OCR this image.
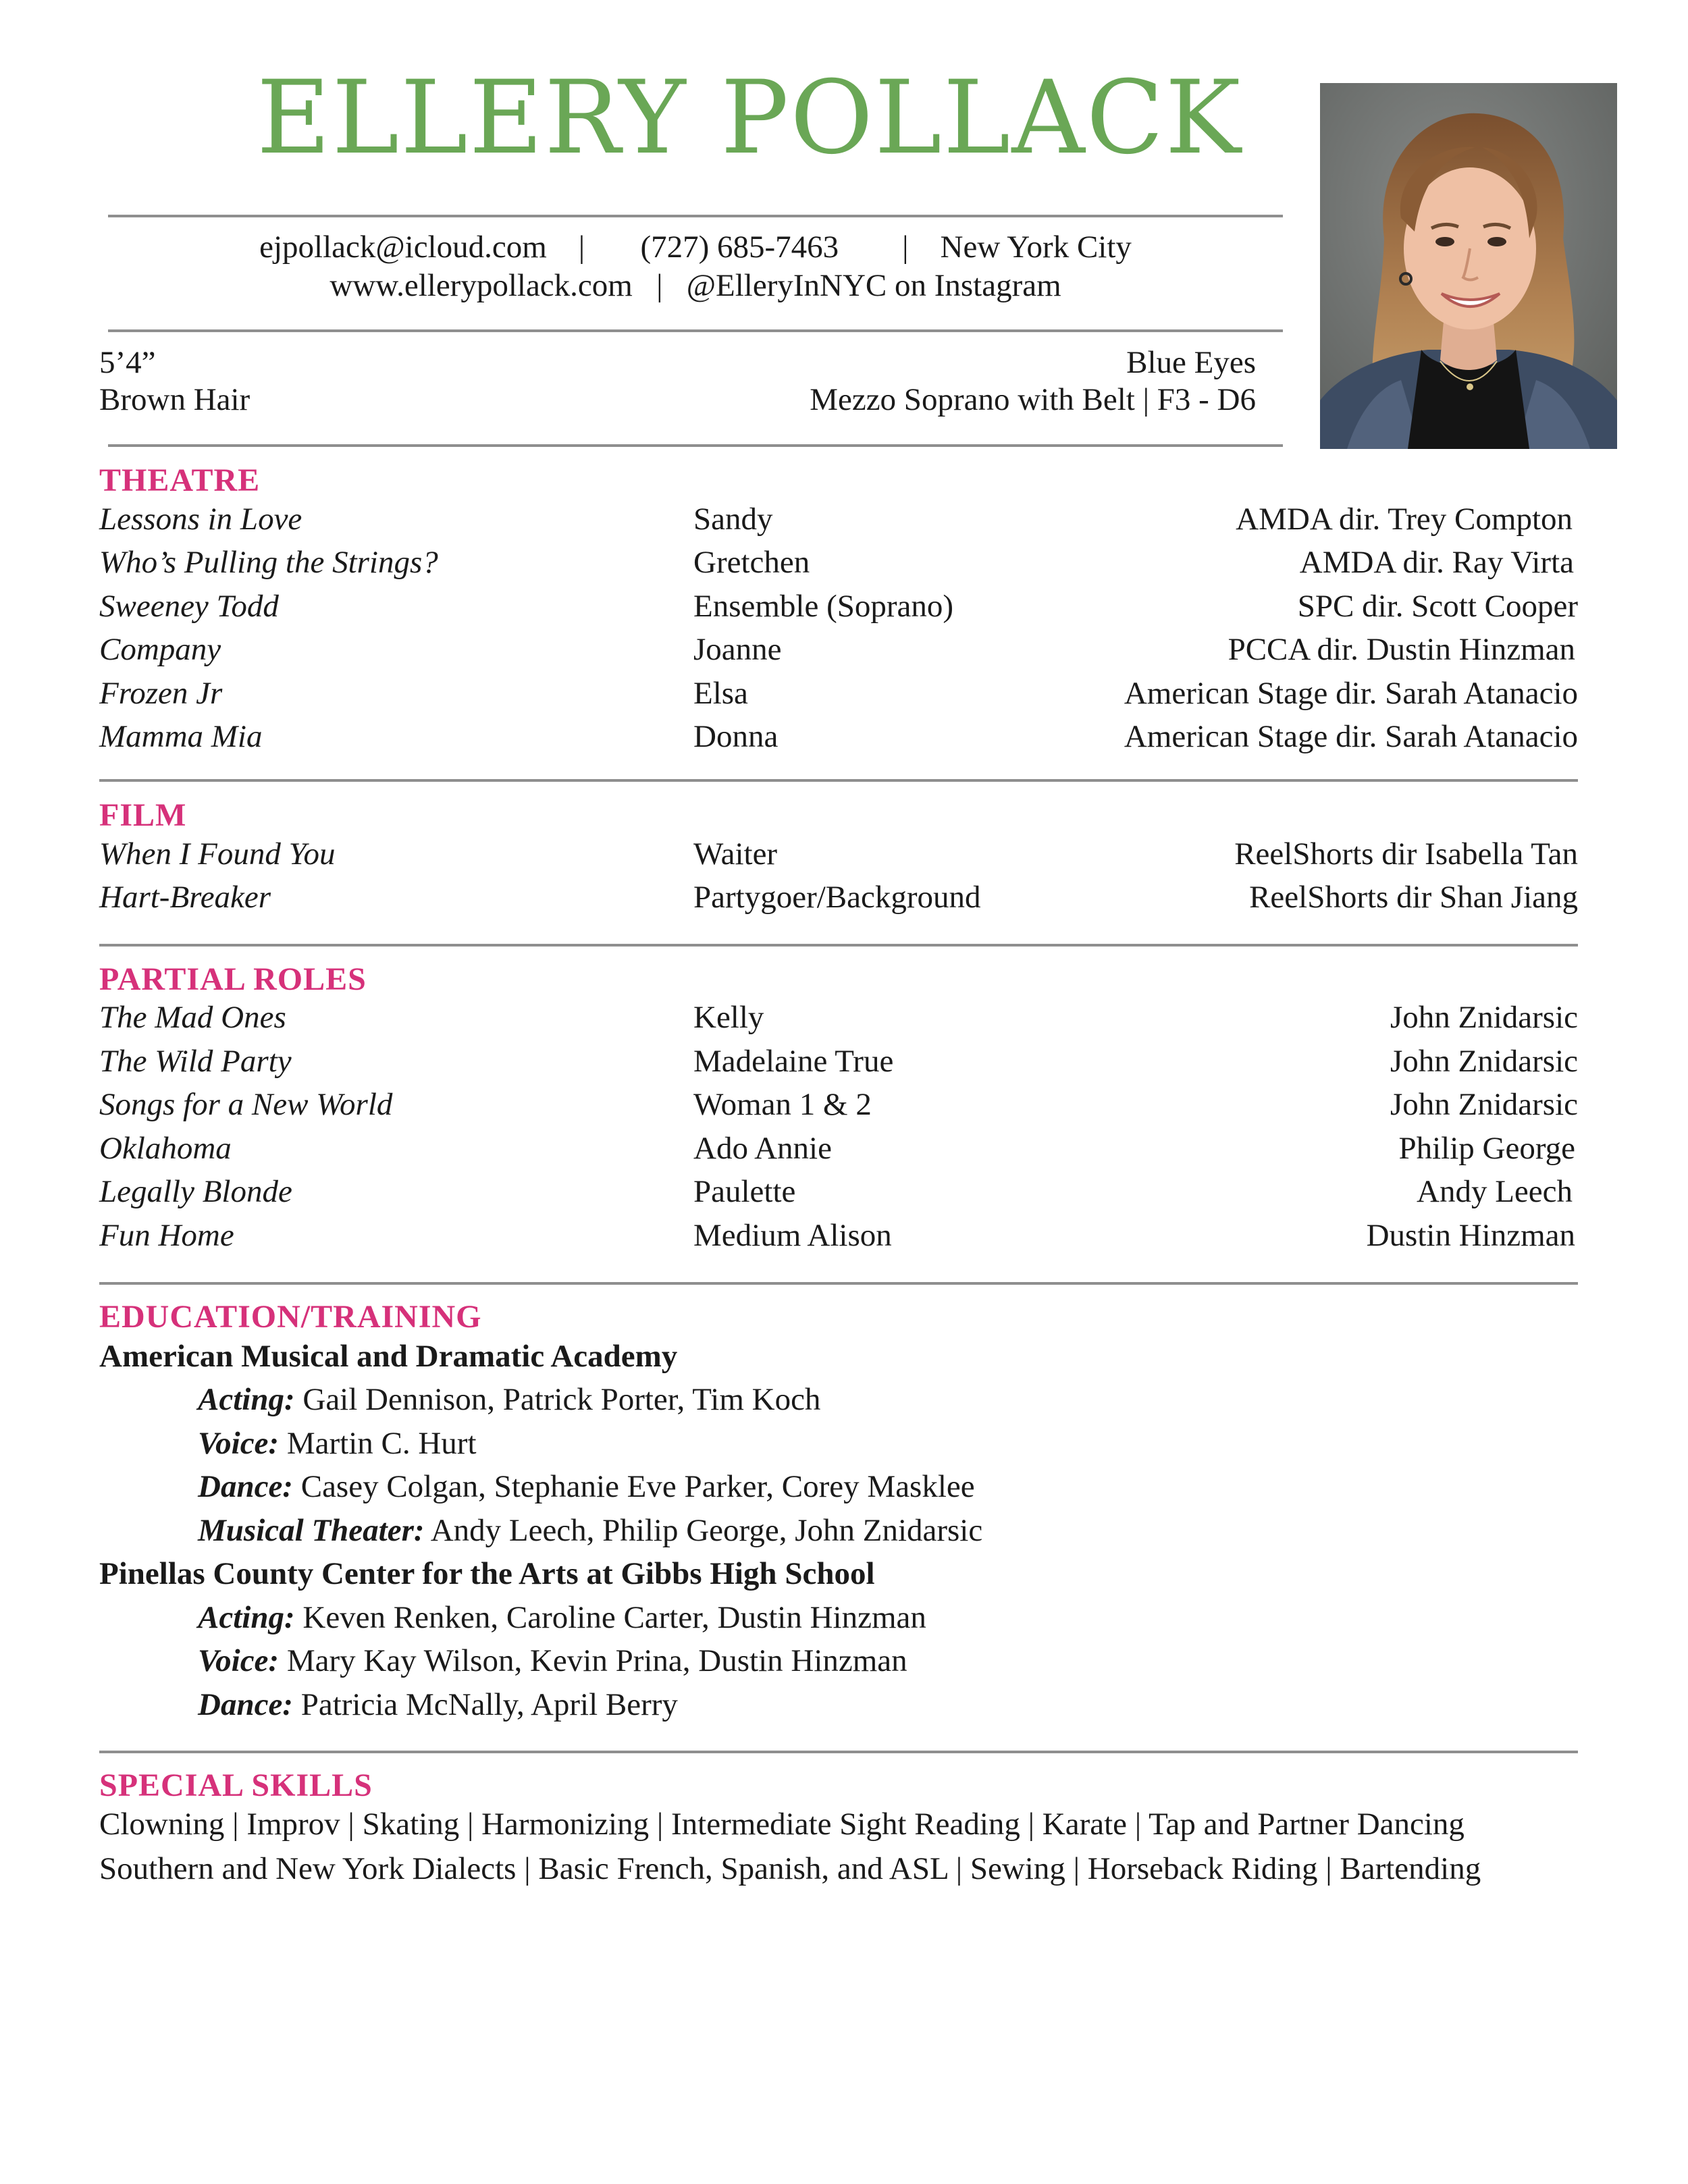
ELLERY POLLACK
ejpollack@icloud.com    |       (727) 685-7463        |    New York City
www.ellerypollack.com   |   @ElleryInNYC on Instagram
5’4”
Brown Hair
Blue Eyes
Mezzo Soprano with Belt | F3 - D6
THEATRE
Lessons in Love	Sandy	AMDA dir. Trey Compton
Who’s Pulling the Strings?	Gretchen	AMDA dir. Ray Virta
Sweeney Todd	Ensemble (Soprano)	SPC dir. Scott Cooper
Company	Joanne	PCCA dir. Dustin Hinzman
Frozen Jr	Elsa	American Stage dir. Sarah Atanacio
Mamma Mia	Donna	American Stage dir. Sarah Atanacio
FILM
When I Found You	Waiter	ReelShorts dir Isabella Tan
Hart-Breaker	Partygoer/Background	ReelShorts dir Shan Jiang
PARTIAL ROLES
The Mad Ones	Kelly	John Znidarsic
The Wild Party	Madelaine True	John Znidarsic
Songs for a New World	Woman 1 & 2	John Znidarsic
Oklahoma	Ado Annie	Philip George
Legally Blonde	Paulette	Andy Leech
Fun Home	Medium Alison	Dustin Hinzman
EDUCATION/TRAINING
American Musical and Dramatic Academy
Acting: Gail Dennison, Patrick Porter, Tim Koch
Voice: Martin C. Hurt
Dance: Casey Colgan, Stephanie Eve Parker, Corey Masklee
Musical Theater: Andy Leech, Philip George, John Znidarsic
Pinellas County Center for the Arts at Gibbs High School
Acting: Keven Renken, Caroline Carter, Dustin Hinzman
Voice: Mary Kay Wilson, Kevin Prina, Dustin Hinzman
Dance: Patricia McNally, April Berry
SPECIAL SKILLS
Clowning | Improv | Skating | Harmonizing | Intermediate Sight Reading | Karate | Tap and Partner Dancing
Southern and New York Dialects | Basic French, Spanish, and ASL | Sewing | Horseback Riding | Bartending
